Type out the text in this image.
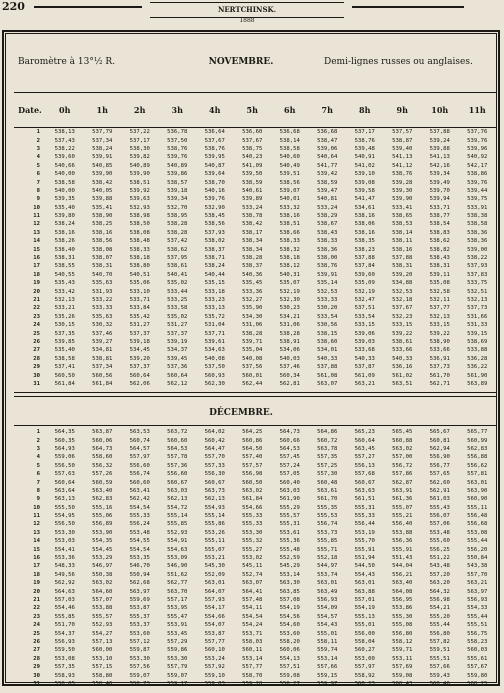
220	NERTCHINSK.
1888
Baromètre à 13°½ R.	NOVEMBRE.	Demi-lignes russes ou anglaises.
Date.	0h	1h	2h	3h	4h	5h	6h	7h	8h	9h	10h	11h
1	538,13	537,79	537,22	536,78	536,64	536,60	536,68	536,68	537,17	537,57	537,88	537,76
2	537,43	537,34	537,17	537,50	537,67	537,67	538,14	538,47	538,76	538,87	539,24	539,76
3	538,22	538,24	538,30	538,76	538,76	538,75	538,58	539,06	539,48	539,40	539,88	539,96
4	539,60	539,91	539,82	539,76	539,95	540,23	540,60	540,64	540,91	541,13	541,13	540,92
5	540,66	540,85	540,89	540,89	540,87	541,09	540,49	541,77	541,02	541,12	542,16	542,17
6	540,00	539,90	539,90	539,86	539,64	539,50	539,51	539,42	539,10	538,76	539,34	538,86
7	538,58	538,42	538,51	538,57	538,70	538,59	538,56	538,59	539,08	539,28	539,49	539,76
8	540,00	540,05	539,92	539,18	540,16	540,61	539,07	539,47	539,58	539,30	539,70	539,44
9	539,35	539,88	539,63	539,34	539,76	539,89	540,01	540,81	541,47	539,90	539,94	539,75
10	535,40	535,41	532,93	532,70	532,90	533,24	533,32	533,24	534,61	533,41	533,71	533,91
11	539,80	538,90	538,98	538,95	538,45	538,78	538,16	538,29	538,16	538,65	538,77	538,38
12	538,24	538,25	538,50	538,28	538,56	538,42	538,51	538,67	538,06	538,53	538,54	538,58
13	538,16	538,16	538,08	538,28	537,93	538,17	538,66	538,43	538,16	538,14	538,83	538,36
14	538,26	538,56	538,48	537,42	538,02	538,34	538,33	538,33	538,35	538,11	538,62	538,36
15	538,40	538,08	538,33	538,62	538,37	538,34	538,32	538,36	538,23	538,16	538,82	539,00
16	538,31	538,07	538,18	537,95	538,71	538,28	538,18	538,00	537,88	537,88	538,43	538,22
17	538,55	538,31	538,80	538,61	538,24	538,37	538,12	538,76	537,84	538,31	538,31	537,93
18	540,55	540,70	540,51	540,41	540,44	540,36	540,31	539,91	539,60	539,20	539,11	537,83
19	535,43	535,63	535,06	535,02	535,15	535,45	535,07	535,14	535,09	534,88	535,08	533,75
20	533,42	531,93	533,10	533,44	533,18	533,36	532,19	532,53	532,19	532,53	532,58	532,51
21	532,13	533,22	533,71	533,25	533,23	532,27	532,30	533,33	532,47	532,18	532,11	532,13
22	533,21	533,33	533,84	533,58	533,13	535,90	530,23	530,20	537,51	537,67	537,77	537,73
23	535,26	535,63	535,42	535,02	535,72	534,30	534,21	533,54	533,54	532,23	532,13	531,66
24	530,15	530,32	531,27	531,27	531,04	531,06	531,06	530,56	533,15	533,15	533,15	531,33
25	537,35	537,46	537,37	537,37	537,71	538,28	538,28	538,15	539,06	539,22	539,22	539,15
26	539,85	539,27	539,18	539,19	539,61	539,71	538,91	538,60	539,03	538,61	538,90	538,69
27	535,40	534,81	534,45	534,37	534,63	535,04	534,06	534,01	533,68	533,66	533,66	533,88
28	538,58	538,81	539,20	539,45	540,08	540,08	540,03	540,33	540,33	540,33	536,91	536,28
29	537,41	537,34	537,37	537,36	537,50	537,56	537,46	537,88	537,87	536,16	537,73	536,22
30	560,50	560,56	560,64	560,64	560,93	560,01	560,34	561,08	561,09	561,02	561,70	561,90
31	561,84	561,84	562,06	562,12	562,30	562,44	562,81	563,07	563,21	563,51	562,71	563,89
DÉCEMBRE.
1	564,35	563,87	563,53	563,72	564,02	564,25	564,73	564,86	565,23	565,45	565,67	565,77
2	560,35	560,06	560,74	560,60	560,42	560,86	560,66	560,72	560,64	560,88	560,81	560,99
3	564,93	564,73	564,57	564,53	564,47	564,50	564,53	563,78	563,45	563,02	562,94	562,83
4	559,06	558,60	557,97	557,78	557,70	557,40	557,45	557,35	557,27	557,00	556,90	556,88
5	556,50	556,32	556,60	557,36	557,33	557,57	557,24	557,25	556,13	556,72	556,77	556,62
6	557,63	557,26	556,74	556,60	556,30	556,98	557,05	557,30	557,68	557,86	557,65	557,81
7	560,64	560,59	560,60	560,67	560,67	560,50	560,40	560,48	560,67	562,87	562,60	563,01
8	563,64	563,40	563,41	563,03	563,73	563,02	563,03	563,61	563,63	563,91	562,91	563,90
9	563,13	562,83	562,42	562,13	562,13	561,84	561,90	561,70	561,51	561,36	561,03	560,90
10	555,50	555,16	554,54	554,72	554,93	554,66	555,29	555,35	555,31	555,07	555,43	555,11
11	554,95	555,06	555,33	555,14	555,14	555,33	555,57	555,53	555,33	555,21	556,07	556,48
12	556,50	556,89	556,24	555,85	555,86	555,33	555,31	556,74	556,44	556,40	557,06	556,68
13	553,30	553,90	553,48	552,93	553,26	553,30	553,61	553,73	553,19	553,88	553,48	553,08
14	553,03	554,35	554,55	554,91	555,11	555,32	555,36	555,85	555,70	556,36	555,60	555,44
15	554,41	554,45	554,54	554,63	555,07	555,27	555,48	555,71	555,91	555,91	556,25	556,20
16	553,36	553,29	553,35	553,09	553,21	553,02	552,59	552,18	551,94	551,43	551,22	550,84
17	548,33	546,97	546,70	546,90	545,30	545,11	545,29	544,97	544,50	544,04	543,48	543,38
18	549,56	550,38	550,94	551,62	552,09	552,74	553,14	553,74	554,43	556,21	557,20	557,70
19	562,92	563,02	562,68	562,77	563,01	563,07	563,30	563,01	563,01	563,40	563,20	563,21
20	564,63	564,60	563,97	563,70	564,07	564,41	563,85	563,49	563,88	564,08	564,32	563,97
21	557,03	557,07	559,69	557,17	557,93	557,48	557,08	556,93	557,01	556,95	556,98	556,93
22	554,46	553,88	553,87	553,95	554,17	554,11	554,19	554,09	554,19	553,86	554,21	554,33
23	555,85	555,57	555,37	555,47	554,66	554,54	554,56	554,57	555,13	555,30	555,20	555,44
24	551,70	552,93	553,37	553,91	554,07	554,24	554,60	554,43	555,01	555,08	555,44	555,51
25	554,37	554,27	553,60	553,45	553,87	553,71	553,60	555,01	556,00	556,80	556,80	556,75
26	556,93	557,13	557,12	557,29	557,77	558,03	558,20	558,11	558,04	558,12	557,82	558,23
27	559,50	560,00	559,87	559,86	560,10	560,11	560,06	559,74	560,27	559,71	559,51	560,03
28	553,08	553,10	553,30	553,30	553,24	553,14	554,13	553,14	553,00	553,11	555,51	555,61
29	557,35	557,15	557,56	557,79	557,92	557,77	557,51	557,66	557,97	557,69	557,66	557,67
30	558,93	558,80	559,07	559,07	559,10	558,70	559,08	559,15	558,92	559,08	559,43	559,80
31	558,05	558,46	558,73	559,17	559,03	559,28	556,27	559,97	560,23	560,43	560,46	560,25
